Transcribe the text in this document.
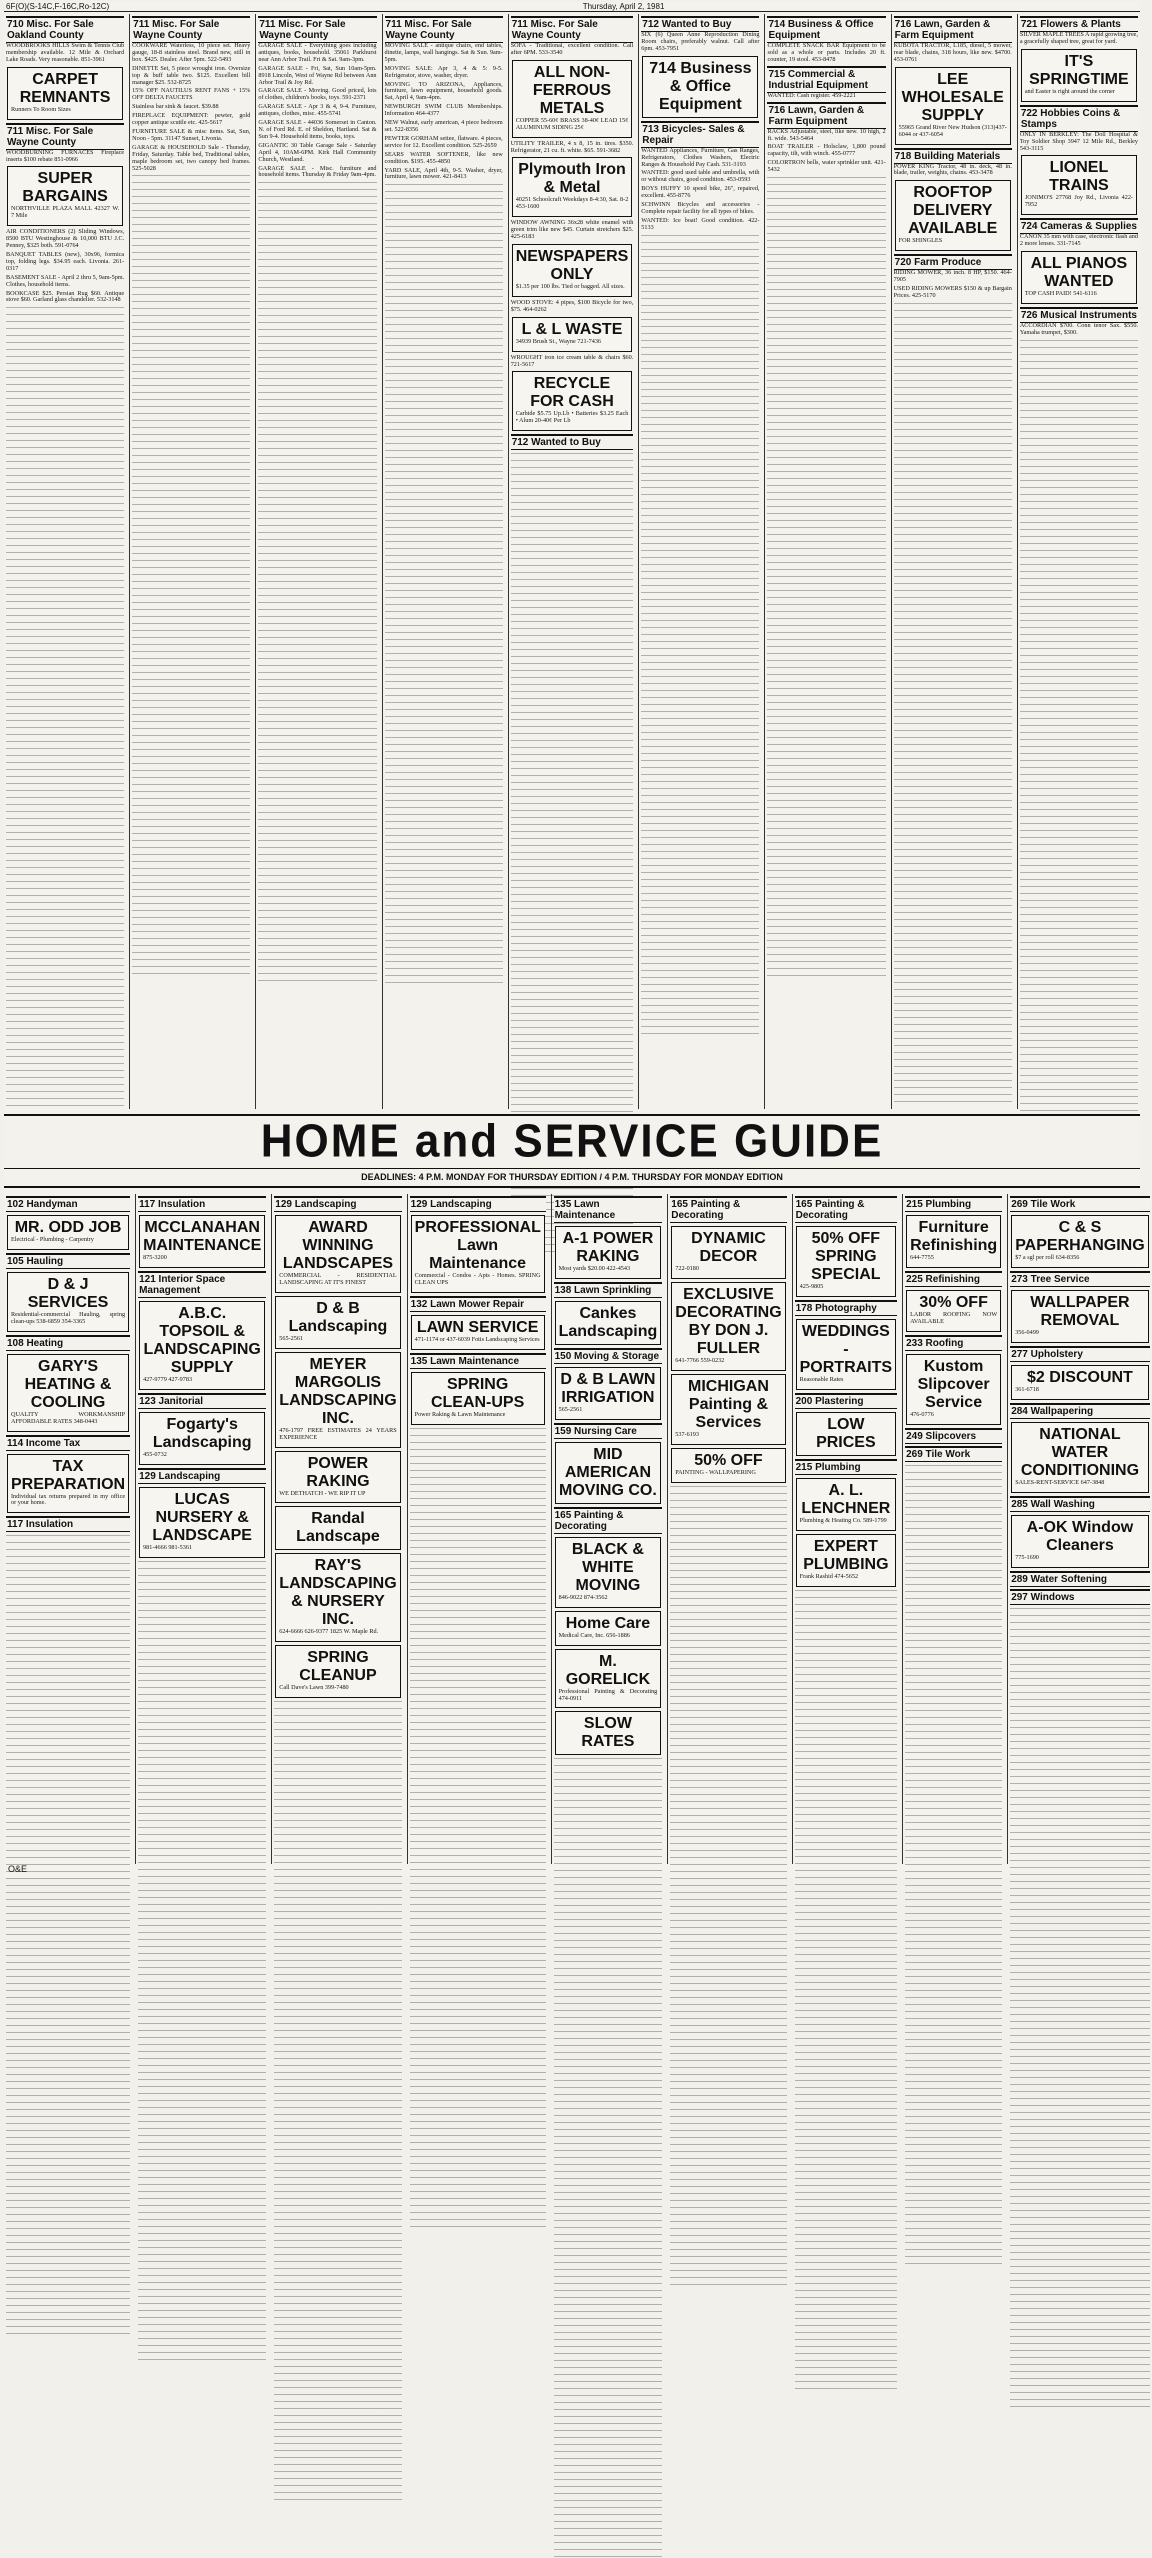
6F(O)(S-14C,F-16C,Ro-12C)	Thursday, April 2, 1981
710 Misc. For Sale Oakland County

WOODBROOKS HILLS Swim & Tennis Club membership available. 12 Mile & Orchard Lake Roads. Very reasonable. 851-3961

CARPET REMNANTS
Runners To Room Sizes
711 Misc. For Sale Wayne County

WOODBURNING FURNACES Fireplace inserts $100 rebate 851-0966

SUPER BARGAINS
NORTHVILLE PLAZA MALL 42327 W. 7 Mile

AIR CONDITIONERS (2) Sliding Windows, 8500 BTU Westinghouse & 10,000 BTU J.C. Penney, $325 both. 591-0764

BANQUET TABLES (new), 30x96, formica top, folding legs. $34.95 each. Livonia. 261-0317

BASEMENT SALE - April 2 thru 5, 9am-5pm. Clothes, household items.

BOOKCASE $25. Persian Rug $60. Antique stove $60. Garland glass chandelier. 532-3148

711 Misc. For Sale Wayne County

COOKWARE Waterless, 10 piece set. Heavy gauge, 18-8 stainless steel. Brand new, still in box. $425. Dealer. After 5pm. 522-5493

DINETTE Set, 5 piece wrought iron. Oversize top & buff table two. $125. Excellent bill manager $25. 532-8725

15% OFF NAUTILUS RENT FANS + 15% OFF DELTA FAUCETS

Stainless bar sink & faucet. $39.88

FIREPLACE EQUIPMENT: pewter, gold copper antique scuttle etc. 425-5617

FURNITURE SALE & misc items. Sat, Sun, Noon - 5pm. 31147 Sunset, Livonia.

GARAGE & HOUSEHOLD Sale - Thursday, Friday, Saturday. Table bed, Traditional tables, maple bedroom set, two canopy bed frames. 525-5028

711 Misc. For Sale Wayne County

GARAGE SALE - Everything goes including antiques, books, household. 35061 Parkhurst near Ann Arbor Trail. Fri & Sat. 9am-3pm.

GARAGE SALE - Fri, Sat, Sun 10am-5pm. 8918 Lincoln, West of Wayne Rd between Ann Arbor Trail & Joy Rd.

GARAGE SALE - Moving. Good priced, lots of clothes, children's books, toys. 591-2371

GARAGE SALE - Apr 3 & 4, 9-4. Furniture, antiques, clothes, misc. 455-5741

GARAGE SALE - 44036 Somerset in Canton. N. of Ford Rd. E. of Sheldon, Hartland. Sat & Sun 9-4. Household items, books, toys.

GIGANTIC 30 Table Garage Sale - Saturday April 4, 10AM-6PM. Kirk Hall Community Church, Westland.

GARAGE SALE - Misc. furniture and household items. Thursday & Friday 9am-4pm.

711 Misc. For Sale Wayne County

MOVING SALE - antique chairs, end tables, dinette, lamps, wall hangings. Sat & Sun. 9am-5pm.

MOVING SALE: Apr 3, 4 & 5: 9-5. Refrigerator, stove, washer, dryer.

MOVING TO ARIZONA, Appliances, furniture, lawn equipment, household goods. Sat, April 4, 9am-4pm.

NEWBURGH SWIM CLUB Memberships. Information 464-4377

NEW Walnut, early american, 4 piece bedroom set. 522-8356

PEWTER GORHAM settee, flatware. 4 pieces, service for 12. Excellent condition. 525-2659

SEARS WATER SOFTENER, like new condition. $195. 455-4850

YARD SALE, April 4th, 9-5. Washer, dryer, furniture, lawn mower. 421-8413

711 Misc. For Sale Wayne County

SOFA - Traditional, excellent condition. Call after 6PM. 533-3540

ALL NON-FERROUS METALS
COPPER 55-60¢ BRASS 38-40¢ LEAD 15¢ ALUMINUM SIDING 25¢

UTILITY TRAILER, 4 x 8, 15 in. tires. $350. Refrigerator, 21 cu. ft. white. $65. 591-3682

Plymouth Iron & Metal
40251 Schoolcraft Weekdays 8-4:30, Sat. 8-2 453-1600

WINDOW AWNING 36x28 white enamel with green trim like new $45. Curtain stretchers $25. 425-6183

NEWSPAPERS ONLY
$1.35 per 100 lbs. Tied or bagged. All sizes.

WOOD STOVE: 4 pipes, $100 Bicycle for two, $75. 464-0262

L & L WASTE
34939 Brush St., Wayne 721-7436

WROUGHT iron ice cream table & chairs $60. 721-5617

RECYCLE FOR CASH
Carbide $5.75 Up.Lb • Batteries $3.25 Each • Alum 20-40¢ Per Lb
712 Wanted to Buy
712 Wanted to Buy

SIX (6) Queen Anne Reproduction Dining Room chairs, preferably walnut. Call after 6pm. 453-7951

714 Business & Office Equipment
713 Bicycles- Sales & Repair

WANTED Appliances, Furniture, Gas Ranges, Refrigerators, Clothes Washers, Electric Ranges & Household Pay Cash. 531-3193

WANTED: good used table and umbrella, with or without chairs, good condition. 453-0593

BOYS HUFFY 10 speed bike, 26", repaired, excellent. 455-8776

SCHWINN Bicycles and accessories - Complete repair facility for all types of bikes.

WANTED: Ice boat! Good condition. 422-5133

714 Business & Office Equipment

COMPLETE SNACK BAR Equipment to be sold as a whole or parts. Includes 20 ft. counter, 19 stool. 453-8478

715 Commercial & Industrial Equipment

WANTED: Cash register. 459-2221

716 Lawn, Garden & Farm Equipment

RACKS Adjustable, steel, like new. 10 high, 2 ft. wide. 543-5464

BOAT TRAILER - Holsclaw, 1,800 pound capacity, tilt, with winch. 455-0777

COLORTRON bells, water sprinkler unit. 421-5432

716 Lawn, Garden & Farm Equipment

KUBOTA TRACTOR, L185, diesel, 5 mower, rear blade, chains, 318 hours, like new. $4700. 453-0761

LEE WHOLESALE SUPPLY
55965 Grand River New Hudson (313)437-6044 or 437-6054
718 Building Materials

POWER KING Tractor, 48 in. deck, 48 in. blade, trailer, weights, chains. 453-3478

ROOFTOP DELIVERY AVAILABLE
FOR SHINGLES
720 Farm Produce

RIDING MOWER, 36 inch. 8 HP, $150. 464-7905

USED RIDING MOWERS $150 & up Bargain Prices. 425-5170

721 Flowers & Plants

SILVER MAPLE TREES A rapid growing tree, a gracefully shaped tree, great for yard.

IT'S SPRINGTIME
and Easter is right around the corner
722 Hobbies Coins & Stamps

ONLY IN BERKLEY: The Doll Hospital & Toy Soldier Shop 3947 12 Mile Rd., Berkley 543-3115

LIONEL TRAINS
JONIMO'S 27768 Joy Rd., Livonia 422-7952
724 Cameras & Supplies

CANON 35 mm with case, electronic flash and 2 more lenses. 331-7145

ALL PIANOS WANTED
TOP CASH PAID! 541-6116
726 Musical Instruments

ACCORDIAN $700. Conn tenor Sax. $550. Yamaha trumpet, $300.

HOME and SERVICE GUIDE
DEADLINES: 4 P.M. MONDAY FOR THURSDAY EDITION / 4 P.M. THURSDAY FOR MONDAY EDITION
102 Handyman
MR. ODD JOB
Electrical - Plumbing - Carpentry
105 Hauling
D & J SERVICES
Residential-commercial Hauling, spring clean-ups 538-6859 354-3365
108 Heating
GARY'S HEATING & COOLING
QUALITY WORKMANSHIP AFFORDABLE RATES 348-0443
114 Income Tax
TAX PREPARATION
Individual tax returns prepared in my office or your home.
117 Insulation
117 Insulation
MCCLANAHAN MAINTENANCE
875-3200
121 Interior Space Management
A.B.C. TOPSOIL & LANDSCAPING SUPPLY
427-9779 427-9783
123 Janitorial
Fogarty's Landscaping
455-0732
129 Landscaping
LUCAS NURSERY & LANDSCAPE
981-4666 981-5361
129 Landscaping
AWARD WINNING LANDSCAPES
COMMERCIAL - RESIDENTIAL LANDSCAPING AT IT'S FINEST
D & B Landscaping
565-2561
MEYER MARGOLIS LANDSCAPING INC.
476-1797 FREE ESTIMATES 24 YEARS EXPERIENCE
POWER RAKING
WE DETHATCH - WE RIP IT UP
Randal Landscape
RAY'S LANDSCAPING & NURSERY INC.
624-6666 626-9377 1825 W. Maple Rd.
SPRING CLEANUP
Call Dave's Lawn 399-7480
129 Landscaping
PROFESSIONAL Lawn Maintenance
Commercial - Condos - Apts - Homes. SPRING CLEAN UPS
132 Lawn Mower Repair
LAWN SERVICE
471-1174 or 437-6039 Fotis Landscaping Services
135 Lawn Maintenance
SPRING CLEAN-UPS
Power Raking & Lawn Maintenance
135 Lawn Maintenance
A-1 POWER RAKING
Most yards $20.00 422-4543
138 Lawn Sprinkling
Cankes Landscaping
150 Moving & Storage
D & B LAWN IRRIGATION
565-2561
159 Nursing Care
MID AMERICAN MOVING CO.
165 Painting & Decorating
BLACK & WHITE MOVING
846-9022 874-3562
Home Care
Medical Care, Inc. 656-1886
M. GORELICK
Professional Painting & Decorating 474-0911
SLOW RATES
165 Painting & Decorating
DYNAMIC DECOR
722-0180
EXCLUSIVE DECORATING BY DON J. FULLER
641-7766 559-0232
MICHIGAN Painting & Services
537-6193
50% OFF
PAINTING - WALLPAPERING
165 Painting & Decorating
50% OFF SPRING SPECIAL
425-9805
178 Photography
WEDDINGS - PORTRAITS
Reasonable Rates
200 Plastering
LOW PRICES
215 Plumbing
A. L. LENCHNER
Plumbing & Heating Co. 589-1799
EXPERT PLUMBING
Frank Rashid 474-5652
215 Plumbing
Furniture Refinishing
644-7755
225 Refinishing
30% OFF
LABOR ROOFING NOW AVAILABLE
233 Roofing
Kustom Slipcover Service
476-0776
249 Slipcovers
269 Tile Work
269 Tile Work
C & S PAPERHANGING
$7 a sgl per roll 634-8356
273 Tree Service
WALLPAPER REMOVAL
356-0499
277 Upholstery
$2 DISCOUNT
361-6718
284 Wallpapering
NATIONAL WATER CONDITIONING
SALES-RENT-SERVICE 647-3848
285 Wall Washing
A-OK Window Cleaners
775-1690
289 Water Softening
297 Windows
O&E
